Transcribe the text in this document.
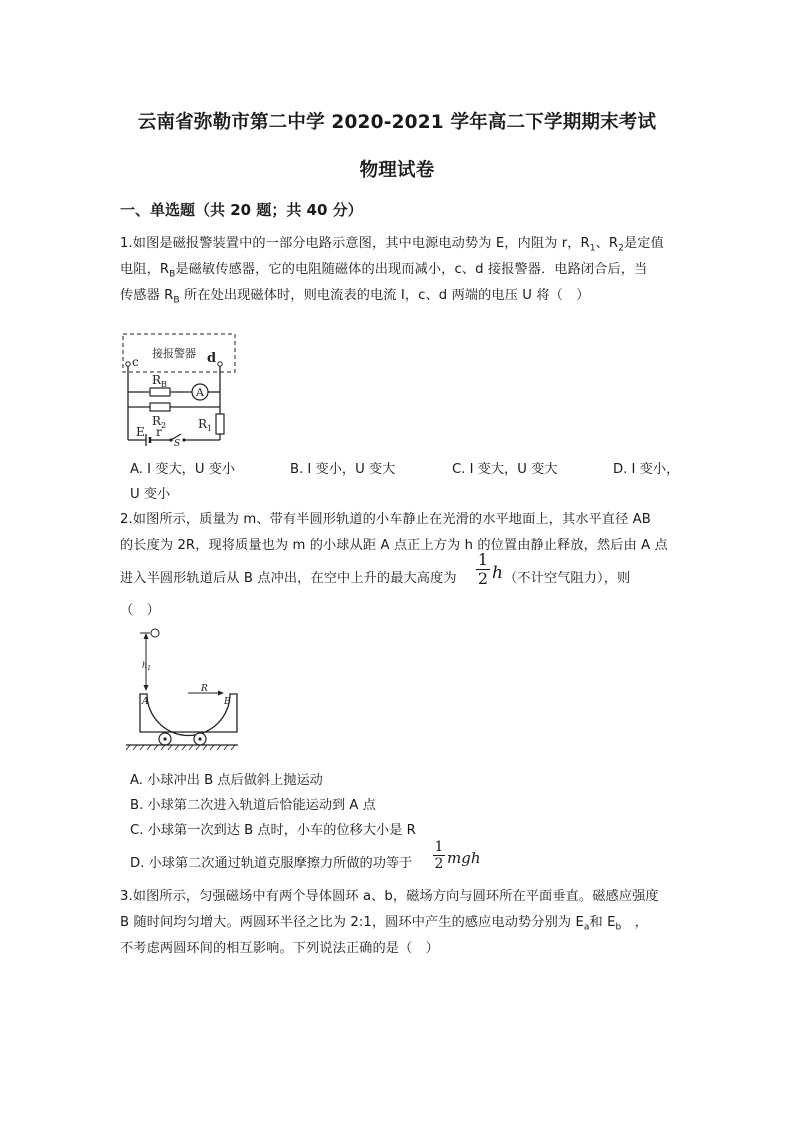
云南省弥勒市第二中学 2020-2021 学年高二下学期期末考试
物理试卷
一、单选题（共 20 题；共 40 分）
1.如图是磁报警装置中的一部分电路示意图，其中电源电动势为 E，内阻为 r，$R_1$、$R_2$是定值
电阻，$R_B$是磁敏传感器，它的电阻随磁体的出现而减小，c、d 接报警器．电路闭合后，当
传感器 $R_B$ 所在处出现磁体时，则电流表的电流 I，c、d 两端的电压 U 将（　）
接报警器
c	d
$R_B$
A
$R_2$	$R_1$
E r
S
A. I 变大，U 变小	B. I 变小，U 变大	C. I 变大，U 变大	D. I 变小，
U 变小
2.如图所示，质量为 m、带有半圆形轨道的小车静止在光滑的水平地面上，其水平直径 AB
的长度为 2R，现将质量也为 m 的小球从距 A 点正上方为 h 的位置由静止释放，然后由 A 点
进入半圆形轨道后从 B 点冲出，在空中上升的最大高度为
1
2 h （不计空气阻力），则
（　）
$h_1$
A	B
R
A. 小球冲出 B 点后做斜上抛运动
B. 小球第二次进入轨道后恰能运动到 A 点
C. 小球第一次到达 B 点时，小车的位移大小是 R
D. 小球第二次通过轨道克服摩擦力所做的功等于
1
2 mgh
3.如图所示，匀强磁场中有两个导体圆环 a、b，磁场方向与圆环所在平面垂直。磁感应强度
B 随时间均匀增大。两圆环半径之比为 2:1，圆环中产生的感应电动势分别为 $E_a$和 $E_b$　，
不考虑两圆环间的相互影响。下列说法正确的是（　）
